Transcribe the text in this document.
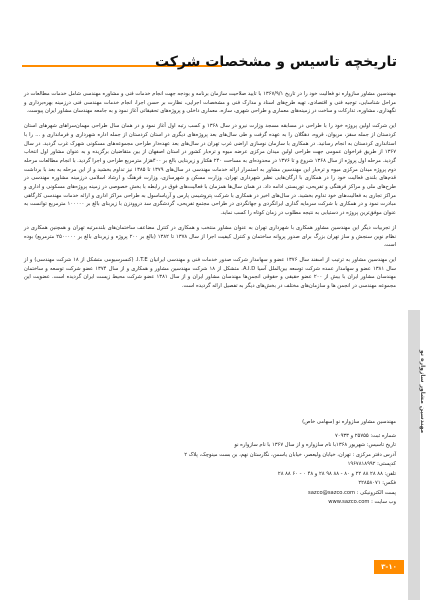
تاریخچه تاسیس و مشخصات شرکت

مهندسین مشاور سازواره نو فعالیت خود را در تاریخ ۱۳۶۷/۹/۱ با تایید صلاحیت سازمان برنامه و بودجه جهت انجام خدمات فنی و مشاوره مهندسی شامل خدمات مطالعات در مراحل شناسایی، توجیه فنی و اقتصادی، تهیه طرح‌های اسناد و مدارک فنی و مشخصات اجرایی، نظارت بر حسن اجرا، انجام خدمات مهندسی فنی درزمینه بهره‌برداری و نگهداری، مشاوره، تدارکات و ساخت در زمینه‌های معماری و طراحی شهری، سازه، معماری داخلی و پروژه‌های تحقیقاتی آغاز نمود و به جامعه مهندسان مشاور ایران پیوست.

این شرکت اولین پروژه خود را با طراحی در مسابقه مسجد وزارت نیرو در سال ۱۳۶۸ و کسب رتبه اول آغاز نمود و در همان سال طراحی مهمان‌سراهای شهرهای استان کردستان از جمله سقز، مریوان، قروه، دهگلان را به عهده گرفت و طی سال‌های بعد پروژه‌های دیگری در استان کردستان از جمله اداره شهرداری و فرمانداری و ... را با استانداری کردستان به انجام رسانید. در همکاری با سازمان نوسازی اراضی غرب تهران در سال‌های بعد عهده‌دار طراحی مجموعه‌های مسکونی شهرک غرب گردید. در سال ۱۳۶۷ از طریق فراخوان عمومی جهت طراحی اولین میدان مرکزی عرضه میوه و تره‌بار کشور در استان اصفهان از بین متقاضیان برگزیده و به عنوان مشاور اول انتخاب گردید. مرحله اول پروژه از سال ۱۳۶۸ شروع و تا ۱۳۷۶ در محدوده‌ای به مساحت ۲۴۰ هکتار و زیربنایی بالغ بر ۴۰۰هزار مترمربع طراحی و اجرا گردید. با انجام مطالعات مرحله دوم پروژه میدان مرکزی میوه و تره‌بار این مهندسین مشاور به استمرار ارائه خدمات مهندسی در سال‌های ۱۳۷۹ تا ۱۳۸۵ نیز تداوم بخشید و از این مرحله به بعد با برداشت قدم‌های بلندی فعالیت خود را در همکاری با ارگان‌هایی نظیر شهرداری تهران، وزارت مسکن و شهرسازی، وزارت فرهنگ و ارشاد اسلامی درزمینه مشاوره مهندسی در طرح‌های ملی و مراکز فرهنگی و تفریحی، توریستی ادامه داد. در همان سال‌ها همزمان با فعالیت‌های فوق در رابطه با بخش خصوصی در زمینه پروژه‌های مسکونی و اداری و مراکز تجاری به فعالیت‌های خود تداوم بخشید. در سال‌های اخیر در همکاری با شرکت پتروشیمی پارس و آریاساسول به طراحی مراکز اداری و ارائه خدمات مهندسی کارگاهی مبادرت نمود و در همکاری با شرکت سرمایه گذاری ایرانگردی و جهانگردی در طراحی مجتمع تفریحی، گردشگری سد دروودزن با زیربنای بالغ بر ۱۰۰۰۰۰ مترمربع توانست به عنوان موفق‌ترین پروژه در دستیابی به نتیجه مطلوب در زمان کوتاه را کسب نماید.

از تجربیات دیگر این مهندسین مشاور همکاری با شهرداری تهران به عنوان مشاور منتخب و همکاری در کنترل مضاعف ساختمان‌های بلندمرتبه تهران و همچنین همکاری در نظام نوین سنجش و ساز تهران بزرگ برای صدور پروانه ساختمان و کنترل کیفیت اجرا از سال ۱۳۷۸ تا ۱۳۸۲ (بالغ بر ۲۰۰ پروژه و زیربنای بالغ بر ۲۵۰۰۰۰۰ مترمربع) بوده است.

این مهندسین مشاور به ترتیب از اسفند سال ۱۳۷۶ عضو و سهامدار شرکت صدور خدمات فنی و مهندسی ایرانیان I.T.E. (کنسرسیومی متشکل از ۱۸ شرکت مهندسی) و از سال ۱۳۸۱ عضو و سهامدار عمده شرکت توسعه بین‌الملل آسیا A.I.D. متشکل از ۱۸ شرکت مهندسین مشاور و همکاری و از سال ۱۳۷۴ عضو شرکت توسعه و ساختمان مهندسان مشاور ایران با بیش از ۲۰۰ عضو حقیقی و حقوقی انجمن‌ها مهندسان مشاور ایران و از سال ۱۳۸۱ عضو شرکت محیط زیست ایران گردیده است. عضویت این مجموعه مهندسی در انجمن ها و سازمان‌های مختلف در بخش‌های دیگر به تفصیل ارائه گردیده است.

مهندسین مشاور سازواره نو (سهامی خاص)
شماره ثبت: ۲۵۷۵۵ و ۷۰۹۳۳
تاریخ تاسیس: شهریور ۱۳۶۸با نام سازواره و از سال ۱۳۶۷ با نام سازواره نو
آدرس دفتر مرکزی : تهران، خیابان ولیعصر، خیابان یاسمن، نگارستان نهم، بن بست مینوچک، پلاک ۲
کدپستی: ۱۹۶۷۸۱۸۹۹۲
تلفن: ۸۸ ۲۸ ۸۸ ۲۲ و ۸۰ - ۸۸ ۹۸ ۲۸ و ۴۸ ۰ - ۶۰ ۸۸ ۲۸
فکس: ۲۲۸۵۸۰۷۱
پست الکترونیکی : sazco@sazco.com
وب سایت : www.sazco.com
مهندسین مشاور سازواره نو
١٠-٣
